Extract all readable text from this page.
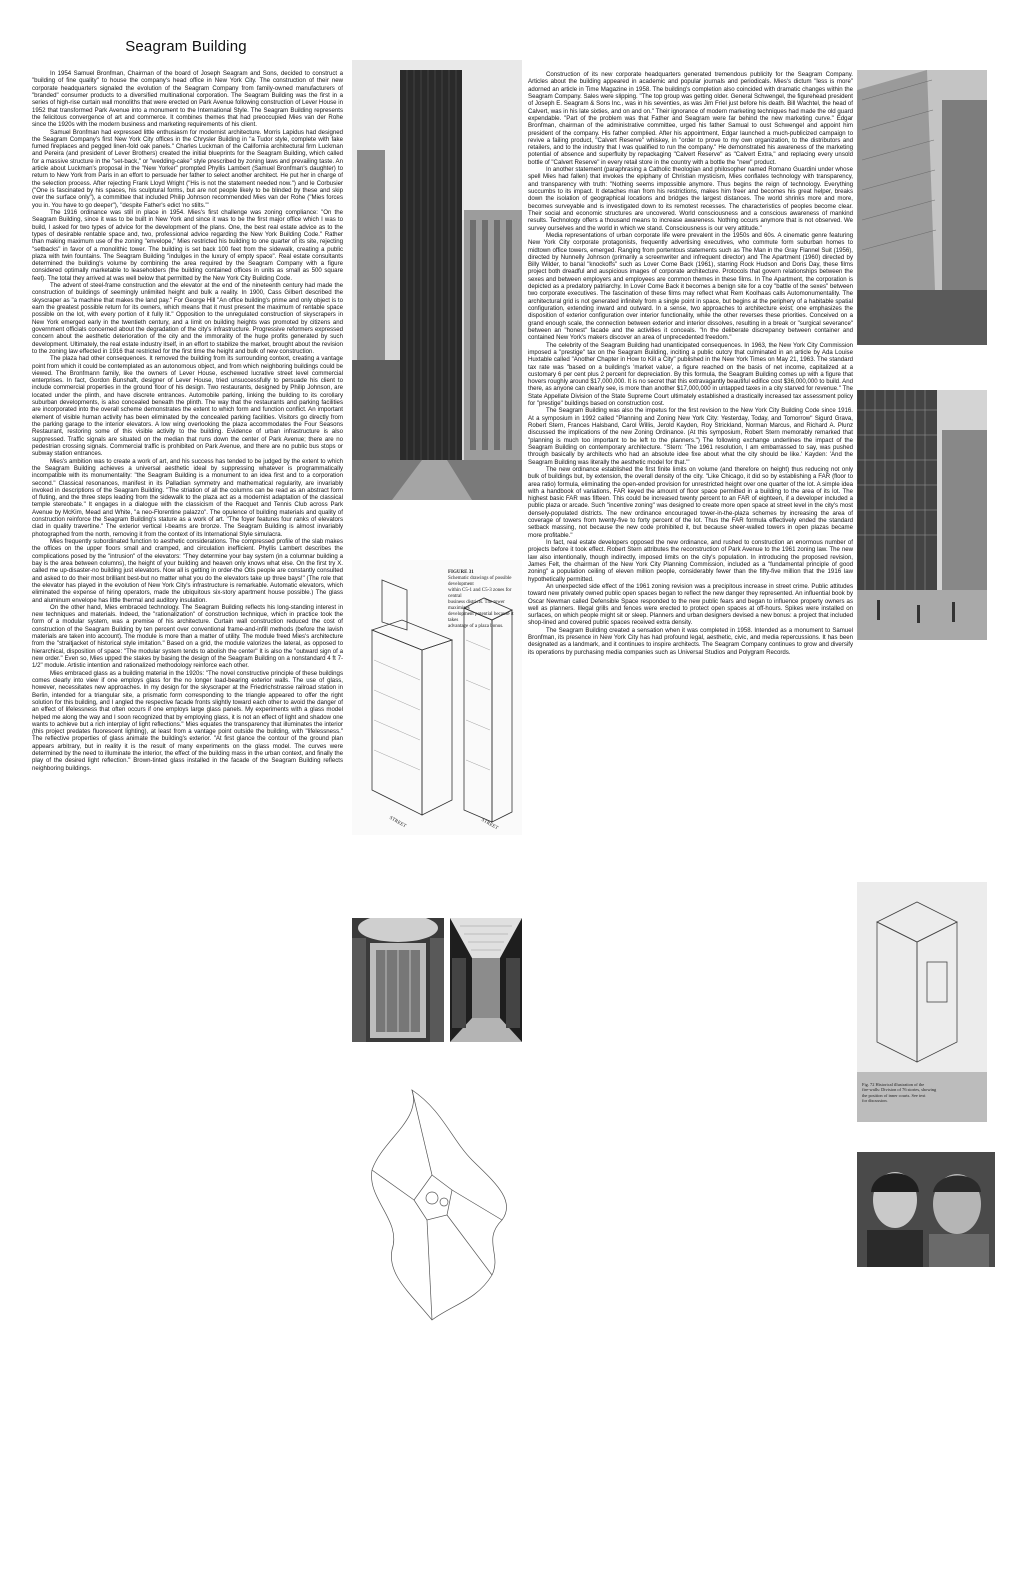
Seagram Building

In 1954 Samuel Bronfman, Chairman of the board of Joseph Seagram and Sons, decided to construct a "building of fine quality" to house the company's head office in New York City. The construction of their new corporate headquarters signaled the evolution of the Seagram Company from family-owned manufacturers of "branded" consumer products to a diversified multinational corporation. The Seagram Building was the first in a series of high-rise curtain wall monoliths that were erected on Park Avenue following construction of Lever House in 1952 that transformed Park Avenue into a monument to the International Style. The Seagram Building represents the felicitous convergence of art and commerce. It combines themes that had preoccupied Mies van der Rohe since the 1920s with the modern business and marketing requirements of his client.

Samuel Bronfman had expressed little enthusiasm for modernist architecture. Morris Lapidus had designed the Seagram Company's first New York City offices in the Chrysler Building in "a Tudor style, complete with fake fumed fireplaces and pegged linen-fold oak panels." Charles Luckman of the California architectural firm Luckman and Pereira (and president of Lever Brothers) created the initial blueprints for the Seagram Building, which called for a massive structure in the "set-back," or "wedding-cake" style prescribed by zoning laws and prevailing taste. An article about Luckman's proposal in the "New Yorker" prompted Phyllis Lambert (Samuel Bronfman's daughter) to return to New York from Paris in an effort to persuade her father to select another architect. He put her in charge of the selection process. After rejecting Frank Lloyd Wright ("His is not the statement needed now.") and le Corbusier ("One is fascinated by his spaces, his sculptural forms, but are not people likely to be blinded by these and skip over the surface only"), a committee that included Philip Johnson recommended Mies van der Rohe ("Mies forces you in. You have to go deeper"), "despite Father's edict 'no stilts.'"

The 1916 ordinance was still in place in 1954. Mies's first challenge was zoning compliance: "On the Seagram Building, since it was to be built in New York and since it was to be the first major office which I was to build, I asked for two types of advice for the development of the plans. One, the best real estate advice as to the types of desirable rentable space and, two, professional advice regarding the New York Building Code." Rather than making maximum use of the zoning "envelope," Mies restricted his building to one quarter of its site, rejecting "setbacks" in favor of a monolithic tower. The building is set back 100 feet from the sidewalk, creating a public plaza with twin fountains. The Seagram Building "indulges in the luxury of empty space". Real estate consultants determined the building's volume by combining the area required by the Seagram Company with a figure considered optimally marketable to leaseholders (the building contained offices in units as small as 500 square feet). The total they arrived at was well below that permitted by the New York City Building Code.

The advent of steel-frame construction and the elevator at the end of the nineteenth century had made the construction of buildings of seemingly unlimited height and bulk a reality. In 1900, Cass Gilbert described the skyscraper as "a machine that makes the land pay." For George Hill "An office building's prime and only object is to earn the greatest possible return for its owners, which means that it must present the maximum of rentable space possible on the lot, with every portion of it fully lit." Opposition to the unregulated construction of skyscrapers in New York emerged early in the twentieth century, and a limit on building heights was promoted by citizens and government officials concerned about the degradation of the city's infrastructure. Progressive reformers expressed concern about the aesthetic deterioration of the city and the immorality of the huge profits generated by such development. Ultimately, the real estate industry itself, in an effort to stabilize the market, brought about the revision to the zoning law effected in 1916 that restricted for the first time the height and bulk of new construction.

The plaza had other consequences. It removed the building from its surrounding context, creating a vantage point from which it could be contemplated as an autonomous object, and from which neighboring buildings could be viewed. The Bronfmann family, like the owners of Lever House, eschewed lucrative street level commercial enterprises. In fact, Gordon Bunshaft, designer of Lever House, tried unsuccessfully to persuade his client to include commercial properties in the ground floor of his design. Two restaurants, designed by Philip Johnson, are located under the plinth, and have discrete entrances. Automobile parking, linking the building to its corollary suburban developments, is also concealed beneath the plinth. The way that the restaurants and parking facilities are incorporated into the overall scheme demonstrates the extent to which form and function conflict. An important element of visible human activity has been eliminated by the concealed parking facilities. Visitors go directly from the parking garage to the interior elevators. A low wing overlooking the plaza accommodates the Four Seasons Restaurant, restoring some of this visible activity to the building. Evidence of urban infrastructure is also suppressed. Traffic signals are situated on the median that runs down the center of Park Avenue; there are no pedestrian crossing signals. Commercial traffic is prohibited on Park Avenue, and there are no public bus stops or subway station entrances.

Mies's ambition was to create a work of art, and his success has tended to be judged by the extent to which the Seagram Building achieves a universal aesthetic ideal by suppressing whatever is programmatically incompatible with its monumentality: "the Seagram Building is a monument to an idea first and to a corporation second." Classical resonances, manifest in its Palladian symmetry and mathematical regularity, are invariably invoked in descriptions of the Seagram Building. "The striation of all the columns can be read as an abstract form of fluting, and the three steps leading from the sidewalk to the plaza act as a modernist adaptation of the classical temple stereobate." It engages in a dialogue with the classicism of the Racquet and Tennis Club across Park Avenue by McKim, Mead and White, "a neo-Florentine palazzo". The opulence of building materials and quality of construction reinforce the Seagram Building's stature as a work of art. "The foyer features four ranks of elevators clad in quality travertine." The exterior vertical I-beams are bronze. The Seagram Building is almost invariably photographed from the north, removing it from the context of its International Style simulacra.

Mies frequently subordinated function to aesthetic considerations. The compressed profile of the slab makes the offices on the upper floors small and cramped, and circulation inefficient. Phyllis Lambert describes the complications posed by the "intrusion" of the elevators: "They determine your bay system (in a columnar building a bay is the area between columns), the height of your building and heaven only knows what else. On the first try X. called me up-disaster-no building just elevators. Now all is getting in order-the Otis people are constantly consulted and asked to do their most brilliant best-but no matter what you do the elevators take up three bays!" (The role that the elevator has played in the evolution of New York City's infrastructure is remarkable. Automatic elevators, which eliminated the expense of hiring operators, made the ubiquitous six-story apartment house possible.) The glass and aluminum envelope has little thermal and auditory insulation.

On the other hand, Mies embraced technology. The Seagram Building reflects his long-standing interest in new techniques and materials. Indeed, the "rationalization" of construction technique, which in practice took the form of a modular system, was a premise of his architecture. Curtain wall construction reduced the cost of construction of the Seagram Building by ten percent over conventional frame-and-infill methods (before the lavish materials are taken into account). The module is more than a matter of utility. The module freed Mies's architecture from the "straitjacket of historical style imitation." Based on a grid, the module valorizes the lateral, as opposed to hierarchical, disposition of space: "The modular system tends to abolish the center" It is also the "outward sign of a new order." Even so, Mies upped the stakes by basing the design of the Seagram Building on a nonstandard 4 ft 7-1/2" module. Artistic intention and rationalized methodology reinforce each other.

Mies embraced glass as a building material in the 1920s: "The novel constructive principle of these buildings comes clearly into view if one employs glass for the no longer load-bearing exterior walls. The use of glass, however, necessitates new approaches. In my design for the skyscraper at the Friedrichstrasse railroad station in Berlin, intended for a triangular site, a prismatic form corresponding to the triangle appeared to offer the right solution for this building, and I angled the respective facade fronts slightly toward each other to avoid the danger of an effect of lifelessness that often occurs if one employs large glass panels. My experiments with a glass model helped me along the way and I soon recognized that by employing glass, it is not an effect of light and shadow one wants to achieve but a rich interplay of light reflections." Mies equates the transparency that illuminates the interior (this project predates fluorescent lighting), at least from a vantage point outside the building, with "lifelessness." The reflective properties of glass animate the building's exterior. "At first glance the contour of the ground plan appears arbitrary, but in reality it is the result of many experiments on the glass model. The curves were determined by the need to illuminate the interior, the effect of the building mass in the urban context, and finally the play of the desired light reflection." Brown-tinted glass installed in the facade of the Seagram Building reflects neighboring buildings.

Construction of its new corporate headquarters generated tremendous publicity for the Seagram Company. Articles about the building appeared in academic and popular journals and periodicals. Mies's dictum "less is more" adorned an article in Time Magazine in 1958. The building's completion also coincided with dramatic changes within the Seagram Company. Sales were slipping. "The top group was getting older. General Schwengel, the figurehead president of Joseph E. Seagram & Sons Inc., was in his seventies, as was Jim Friel just before his death. Bill Wachtel, the head of Calvert, was in his late sixties, and on and on." Their ignorance of modern marketing techniques had made the old guard expendable. "Part of the problem was that Father and Seagram were far behind the new marketing curve." Edgar Bronfman, chairman of the administrative committee, urged his father Samual to oust Schwengel and appoint him president of the company. His father complied. After his appointment, Edgar launched a much-publicized campaign to revive a failing product, "Calvert Reserve" whiskey, in "order to prove to my own organization, to the distributors and retailers, and to the industry that I was qualified to run the company." He demonstrated his awareness of the marketing potential of absence and superfluity by repackaging "Calvert Reserve" as "Calvert Extra," and replacing every unsold bottle of "Calvert Reserve" in every retail store in the country with a bottle the "new" product.

In another statement (paraphrasing a Catholic theologian and philosopher named Romano Guardini under whose spell Mies had fallen) that invokes the epiphany of Christian mysticism, Mies conflates technology with transparency, and transparency with truth: "Nothing seems impossible anymore. Thus begins the reign of technology. Everything succumbs to its impact. It detaches man from his restrictions, makes him freer and becomes his great helper, breaks down the isolation of geographical locations and bridges the largest distances. The world shrinks more and more, becomes surveyable and is investigated down to its remotest recesses. The characteristics of peoples become clear. Their social and economic structures are uncovered. World consciousness and a conscious awareness of mankind results. Technology offers a thousand means to increase awareness. Nothing occurs anymore that is not observed. We survey ourselves and the world in which we stand. Consciousness is our very attitude."

Media representations of urban corporate life were prevalent in the 1950s and 60s. A cinematic genre featuring New York City corporate protagonists, frequently advertising executives, who commute form suburban homes to midtown office towers, emerged. Ranging from portentous statements such as The Man in the Gray Flannel Suit (1956), directed by Nunnelly Johnson (primarily a screenwriter and infrequent director) and The Apartment (1960) directed by Billy Wilder, to banal "knockoffs" such as Lover Come Back (1961), starring Rock Hudson and Doris Day, these films project both dreadful and auspicious images of corporate architecture. Protocols that govern relationships between the sexes and between employers and employees are common themes in these films. In The Apartment, the corporation is depicted as a predatory patriarchy. In Lover Come Back it becomes a benign site for a coy "battle of the sexes" between two corporate executives. The fascination of these films may reflect what Rem Koolhaas calls Automonumentality. The architectural grid is not generated infinitely from a single point in space, but begins at the periphery of a habitable spatial configuration, extending inward and outward. In a sense, two approaches to architecture exist; one emphasizes the disposition of exterior configuration over interior functionality, while the other reverses these priorities. Conceived on a grand enough scale, the connection between exterior and interior dissolves, resulting in a break or "surgical severance" between an "honest" facade and the activities it conceals. "In the deliberate discrepancy between container and contained New York's makers discover an area of unprecedented freedom."

The celebrity of the Seagram Building had unanticipated consequences. In 1963, the New York City Commission imposed a "prestige" tax on the Seagram Building, inciting a public outcry that culminated in an article by Ada Louise Huxtable called "Another Chapter in How to Kill a City" published in the New York Times on May 21, 1963. The standard tax rate was "based on a building's 'market value', a figure reached on the basis of net income, capitalized at a customary 6 per cent plus 2 percent for depreciation. By this formula, the Seagram Building comes up with a figure that hovers roughly around $17,000,000. It is no secret that this extravagantly beautiful edifice cost $36,000,000 to build. And there, as anyone can clearly see, is more than another $17,000,000 in untapped taxes in a city starved for revenue." The State Appellate Division of the State Supreme Court ultimately established a drastically increased tax assessment policy for "prestige" buildings based on construction cost.

The Seagram Building was also the impetus for the first revision to the New York City Building Code since 1916. At a symposium in 1992 called "Planning and Zoning New York City: Yesterday, Today, and Tomorrow" Sigurd Grava, Robert Stern, Frances Halsband, Carol Willis, Jerold Kayden, Roy Strickland, Norman Marcus, and Richard A. Plunz discussed the implications of the new Zoning Ordinance. (At this symposium, Robert Stern memorably remarked that "planning is much too important to be left to the planners.") The following exchange underlines the impact of the Seagram Building on contemporary architecture. "Stern: 'The 1961 resolution, I am embarrassed to say, was pushed through basically by architects who had an absolute idee fixe about what the city should be like.' Kayden: 'And the Seagram Building was literally the aesthetic model for that.'"

The new ordinance established the first finite limits on volume (and therefore on height) thus reducing not only bulk of buildings but, by extension, the overall density of the city. "Like Chicago, it did so by establishing a FAR (floor to area ratio) formula, eliminating the open-ended provision for unrestricted height over one quarter of the lot. A simple idea with a handbook of variations, FAR keyed the amount of floor space permitted in a building to the area of its lot. The highest basic FAR was fifteen. This could be increased twenty percent to an FAR of eighteen, if a developer included a public plaza or arcade. Such "incentive zoning" was designed to create more open space at street level in the city's most densely-populated districts. The new ordinance encouraged tower-in-the-plaza schemes by increasing the area of coverage of towers from twenty-five to forty percent of the lot. Thus the FAR formula effectively ended the standard setback massing, not because the new code prohibited it, but because sheer-walled towers in open plazas became more profitable."

In fact, real estate developers opposed the new ordinance, and rushed to construction an enormous number of projects before it took effect. Robert Stern attributes the reconstruction of Park Avenue to the 1961 zoning law. The new law also intentionally, though indirectly, imposed limits on the city's population. In introducing the proposed revision, James Felt, the chairman of the New York City Planning Commission, included as a "fundamental principle of good zoning" a population ceiling of eleven million people, considerably fewer than the fifty-five million that the 1916 law hypothetically permitted.

An unexpected side effect of the 1961 zoning revision was a precipitous increase in street crime. Public attitudes toward new privately owned public open spaces began to reflect the new danger they represented. An influential book by Oscar Newman called Defensible Space responded to the new public fears and began to influence property owners as well as planners. Illegal grills and fences were erected to protect open spaces at off-hours. Spikes were installed on surfaces, on which people might sit or sleep. Planners and urban designers devised a new bonus: a project that included shop-lined and covered public spaces received extra density.

The Seagram Building created a sensation when it was completed in 1958. Intended as a monument to Samuel Bronfman, its presence in New York City has had profound legal, aesthetic, civic, and media repercussions. It has been designated as a landmark, and it continues to inspire architects. The Seagram Company continues to grow and diversify its operations by purchasing media companies such as Universal Studios and Polygram Records.

FIGURE 31
Schematic drawings of possible development
within C5-1 and C5-3 zones for central
business districts. The tower maximizes
development potential because it takes
advantage of a plaza bonus.
STREET	STREET
Fig. 72 Historical illustration of the
fire-walls: Division of 76 stories, showing
the position of inner courts. See text
for discussion.
